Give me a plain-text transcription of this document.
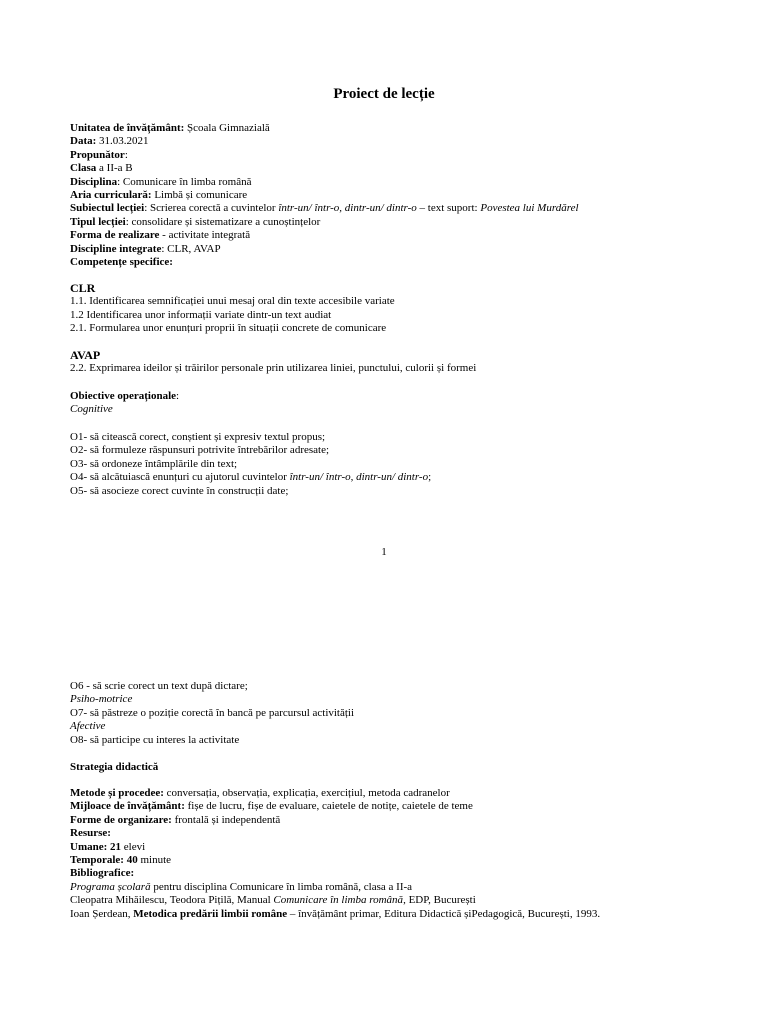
Proiect de lecție
Unitatea de învățământ: Școala Gimnazială
Data: 31.03.2021
Propunător:
Clasa a II-a B
Disciplina: Comunicare în limba română
Aria curriculară: Limbă și comunicare
Subiectul lecției: Scrierea corectă a cuvintelor într-un/ într-o, dintr-un/ dintr-o – text suport: Povestea lui Murdărel
Tipul lecției: consolidare și sistematizare a cunoștințelor
Forma de realizare - activitate integrată
Discipline integrate: CLR, AVAP
Competențe specifice:
CLR
1.1. Identificarea semnificației unui mesaj oral din texte accesibile variate
1.2 Identificarea unor informații variate dintr-un text audiat
2.1. Formularea unor enunțuri proprii în situații concrete de comunicare
AVAP
2.2. Exprimarea ideilor și trăirilor personale prin utilizarea liniei, punctului, culorii și formei
Obiective operaționale:
Cognitive
O1- să citească corect, conștient și expresiv textul propus;
O2- să formuleze răspunsuri potrivite întrebărilor adresate;
O3- să ordoneze întâmplările din text;
O4- să alcătuiască enunțuri cu ajutorul cuvintelor într-un/ într-o, dintr-un/ dintr-o;
O5- să asocieze corect cuvinte în construcții date;
1
O6 - să scrie corect un text după dictare;
Psiho-motrice
O7- să păstreze o poziție corectă în bancă pe parcursul activității
Afective
O8- să participe cu interes la activitate
Strategia didactică
Metode și procedee: conversația, observația, explicația, exercițiul, metoda cadranelor
Mijloace de învățământ: fișe de lucru, fișe de evaluare, caietele de notițe, caietele de teme
Forme de organizare: frontală și independentă
Resurse:
Umane: 21 elevi
Temporale: 40 minute
Bibliografice:
Programa școlară pentru disciplina Comunicare în limba română, clasa a II-a
Cleopatra Mihăilescu, Teodora Pițilă, Manual Comunicare în limba română, EDP, București
Ioan Șerdean, Metodica predării limbii române – învățământ primar, Editura Didactică șiPedagogică, București, 1993.
